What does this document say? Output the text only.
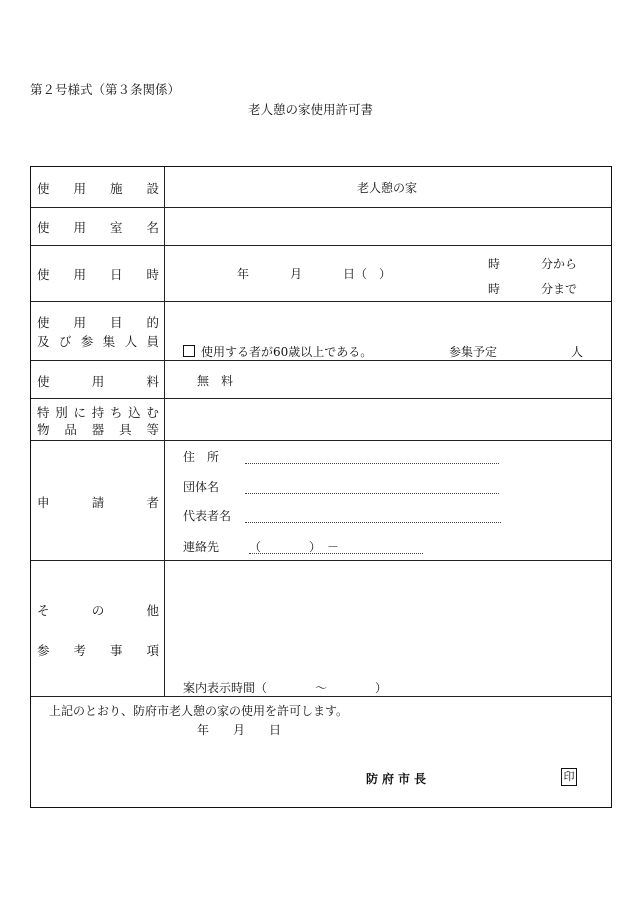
第２号様式（第３条関係）
老人憩の家使用許可書
使 用 施 設	老人憩の家
使 用 室 名
使 用 日 時	年	月	日（　）
時	分から
時	分まで
使 用 目 的
及 び 参 集 人 員
使用する者が60歳以上である。	参集予定	人
使	用	料	無　料
特 別 に 持 ち 込 む
物 品 器 具 等
申	請	者
住　所
団体名
代表者名
連絡先 （　　　　）　－
そ	の	他
参 考 事 項
案内表示時間（　　　　～　　　　）
上記のとおり、防府市老人憩の家の使用を許可します。
年　　月　　日
防府市長	印
